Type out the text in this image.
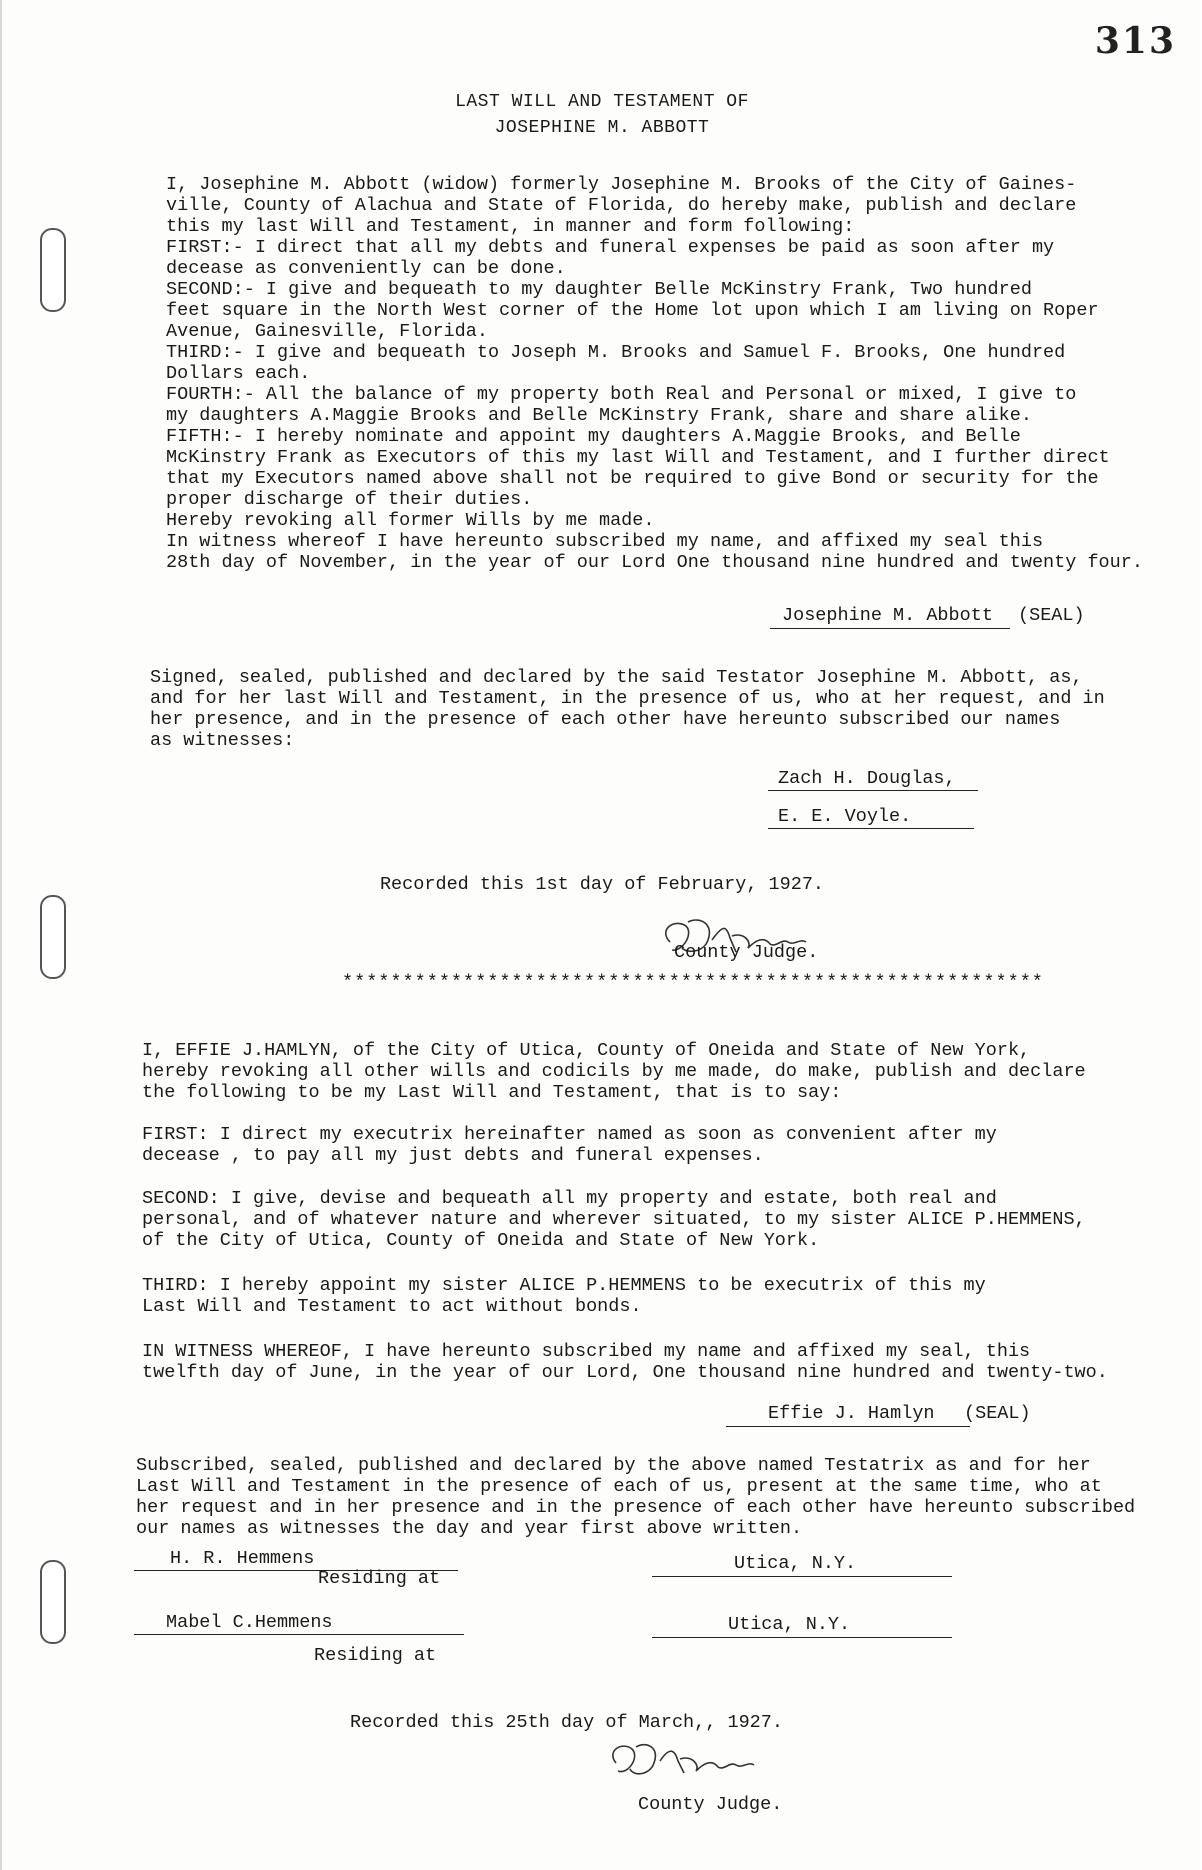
313
LAST WILL AND TESTAMENT OF
JOSEPHINE M. ABBOTT
I, Josephine M. Abbott (widow) formerly Josephine M. Brooks of the City of Gaines-
ville, County of Alachua and State of Florida, do hereby make, publish and declare
this my last Will and Testament, in manner and form following:
FIRST:- I direct that all my debts and funeral expenses be paid as soon after my
decease as conveniently can be done.
SECOND:- I give and bequeath to my daughter Belle McKinstry Frank, Two hundred
feet square in the North West corner of the Home lot upon which I am living on Roper
Avenue, Gainesville, Florida.
THIRD:- I give and bequeath to Joseph M. Brooks and Samuel F. Brooks, One hundred
Dollars each.
FOURTH:- All the balance of my property both Real and Personal or mixed, I give to
my daughters A.Maggie Brooks and Belle McKinstry Frank, share and share alike.
FIFTH:- I hereby nominate and appoint my daughters A.Maggie Brooks, and Belle
McKinstry Frank as Executors of this my last Will and Testament, and I further direct
that my Executors named above shall not be required to give Bond or security for the
proper discharge of their duties.
Hereby revoking all former Wills by me made.
In witness whereof I have hereunto subscribed my name, and affixed my seal this
28th day of November, in the year of our Lord One thousand nine hundred and twenty four.
Josephine M. Abbott (SEAL)
Signed, sealed, published and declared by the said Testator Josephine M. Abbott, as,
and for her last Will and Testament, in the presence of us, who at her request, and in
her presence, and in the presence of each other have hereunto subscribed our names
as witnesses:
Zach H. Douglas,
E. E. Voyle.
Recorded this 1st day of February, 1927.
County Judge.
**********************************************************
I, EFFIE J.HAMLYN, of the City of Utica, County of Oneida and State of New York,
hereby revoking all other wills and codicils by me made, do make, publish and declare
the following to be my Last Will and Testament, that is to say:
FIRST: I direct my executrix hereinafter named as soon as convenient after my
decease , to pay all my just debts and funeral expenses.
SECOND: I give, devise and bequeath all my property and estate, both real and
personal, and of whatever nature and wherever situated, to my sister ALICE P.HEMMENS,
of the City of Utica, County of Oneida and State of New York.
THIRD: I hereby appoint my sister ALICE P.HEMMENS to be executrix of this my
Last Will and Testament to act without bonds.
IN WITNESS WHEREOF, I have hereunto subscribed my name and affixed my seal, this
twelfth day of June, in the year of our Lord, One thousand nine hundred and twenty-two.
Effie J. Hamlyn (SEAL)
Subscribed, sealed, published and declared by the above named Testatrix as and for her
Last Will and Testament in the presence of each of us, present at the same time, who at
her request and in her presence and in the presence of each other have hereunto subscribed
our names as witnesses the day and year first above written.
H. R. Hemmens
Residing at
Utica, N.Y.
Mabel C.Hemmens	Utica, N.Y.
Residing at
Recorded this 25th day of March,, 1927.
County Judge.
